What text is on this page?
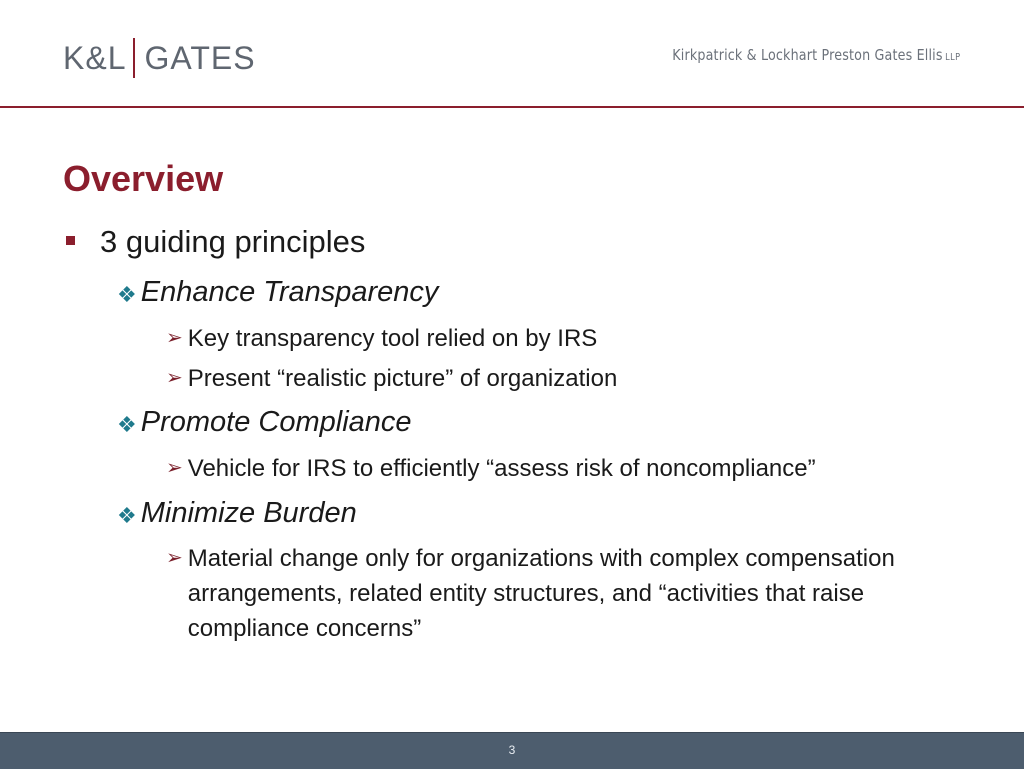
K&L GATES	Kirkpatrick & Lockhart Preston Gates Ellis LLP
Overview
3 guiding principles
❖ Enhance Transparency
➢ Key transparency tool relied on by IRS
➢ Present “realistic picture” of organization
❖ Promote Compliance
➢ Vehicle for IRS to efficiently “assess risk of noncompliance”
❖ Minimize Burden
➢ Material change only for organizations with complex compensation arrangements, related entity structures, and “activities that raise compliance concerns”
3
